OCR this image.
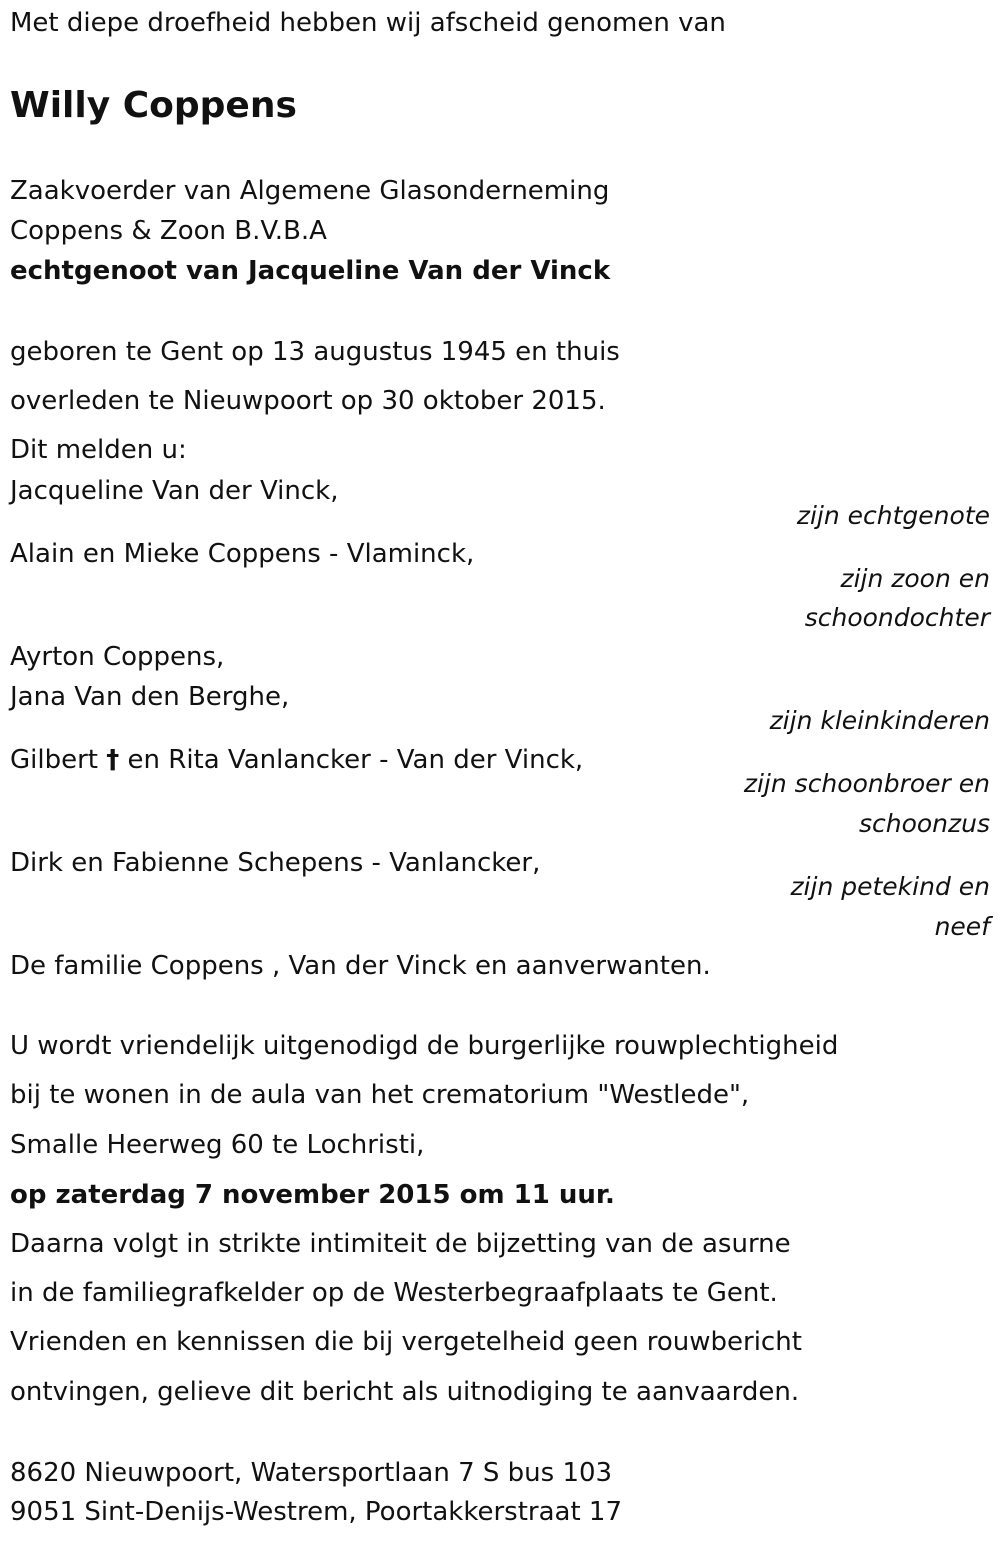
Met diepe droefheid hebben wij afscheid genomen van
Willy Coppens
Zaakvoerder van Algemene Glasonderneming
Coppens & Zoon B.V.B.A
echtgenoot van Jacqueline Van der Vinck
geboren te Gent op 13 augustus 1945 en thuis
overleden te Nieuwpoort op 30 oktober 2015.
Dit melden u:
Jacqueline Van der Vinck,
zijn echtgenote
Alain en Mieke Coppens - Vlaminck,
zijn zoon en
schoondochter
Ayrton Coppens,
Jana Van den Berghe,
zijn kleinkinderen
Gilbert † en Rita Vanlancker - Van der Vinck,
zijn schoonbroer en
schoonzus
Dirk en Fabienne Schepens - Vanlancker,
zijn petekind en
neef
De familie Coppens , Van der Vinck en aanverwanten.
U wordt vriendelijk uitgenodigd de burgerlijke rouwplechtigheid
bij te wonen in de aula van het crematorium "Westlede",
Smalle Heerweg 60 te Lochristi,
op zaterdag 7 november 2015 om 11 uur.
Daarna volgt in strikte intimiteit de bijzetting van de asurne
in de familiegrafkelder op de Westerbegraafplaats te Gent.
Vrienden en kennissen die bij vergetelheid geen rouwbericht
ontvingen, gelieve dit bericht als uitnodiging te aanvaarden.
8620 Nieuwpoort, Watersportlaan 7 S bus 103
9051 Sint-Denijs-Westrem, Poortakkerstraat 17
